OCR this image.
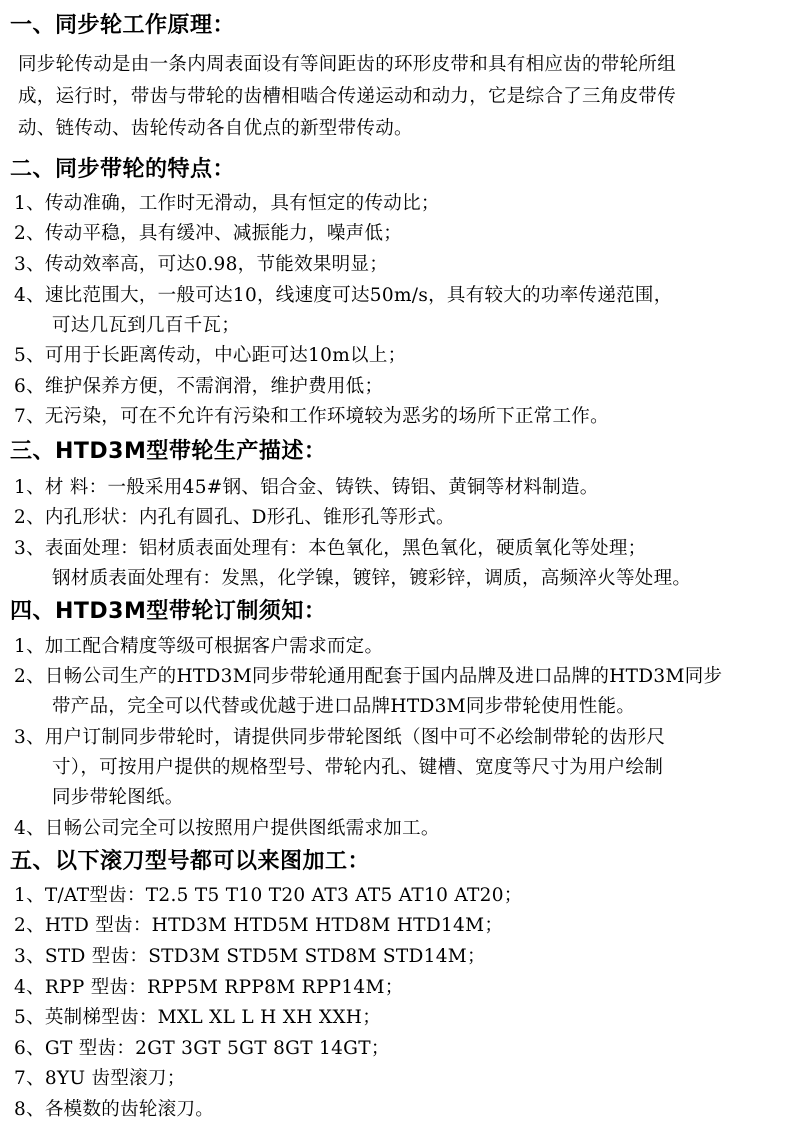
一、同步轮工作原理：
同步轮传动是由一条内周表面设有等间距齿的环形皮带和具有相应齿的带轮所组
成，运行时，带齿与带轮的齿槽相啮合传递运动和动力，它是综合了三角皮带传
动、链传动、齿轮传动各自优点的新型带传动。
二、同步带轮的特点：
1、传动准确，工作时无滑动，具有恒定的传动比；
2、传动平稳，具有缓冲、减振能力，噪声低；
3、传动效率高，可达0.98，节能效果明显；
4、速比范围大，一般可达10，线速度可达50m/s，具有较大的功率传递范围，
可达几瓦到几百千瓦；
5、可用于长距离传动，中心距可达10m以上；
6、维护保养方便，不需润滑，维护费用低；
7、无污染，可在不允许有污染和工作环境较为恶劣的场所下正常工作。
三、HTD3M型带轮生产描述：
1、材 料：一般采用45#钢、铝合金、铸铁、铸铝、黄铜等材料制造。
2、内孔形状：内孔有圆孔、D形孔、锥形孔等形式。
3、表面处理：铝材质表面处理有：本色氧化，黑色氧化，硬质氧化等处理；
钢材质表面处理有：发黑，化学镍，镀锌，镀彩锌，调质，高频淬火等处理。
四、HTD3M型带轮订制须知：
1、加工配合精度等级可根据客户需求而定。
2、日畅公司生产的HTD3M同步带轮通用配套于国内品牌及进口品牌的HTD3M同步
带产品，完全可以代替或优越于进口品牌HTD3M同步带轮使用性能。
3、用户订制同步带轮时，请提供同步带轮图纸（图中可不必绘制带轮的齿形尺
寸），可按用户提供的规格型号、带轮内孔、键槽、宽度等尺寸为用户绘制
同步带轮图纸。
4、日畅公司完全可以按照用户提供图纸需求加工。
五、以下滚刀型号都可以来图加工：
1、T/AT型齿：T2.5 T5 T10 T20 AT3 AT5 AT10 AT20；
2、HTD 型齿：HTD3M HTD5M HTD8M HTD14M；
3、STD 型齿：STD3M STD5M STD8M STD14M；
4、RPP 型齿：RPP5M RPP8M RPP14M；
5、英制梯型齿：MXL XL L H XH XXH；
6、GT 型齿：2GT 3GT 5GT 8GT 14GT；
7、8YU 齿型滚刀；
8、各模数的齿轮滚刀。
